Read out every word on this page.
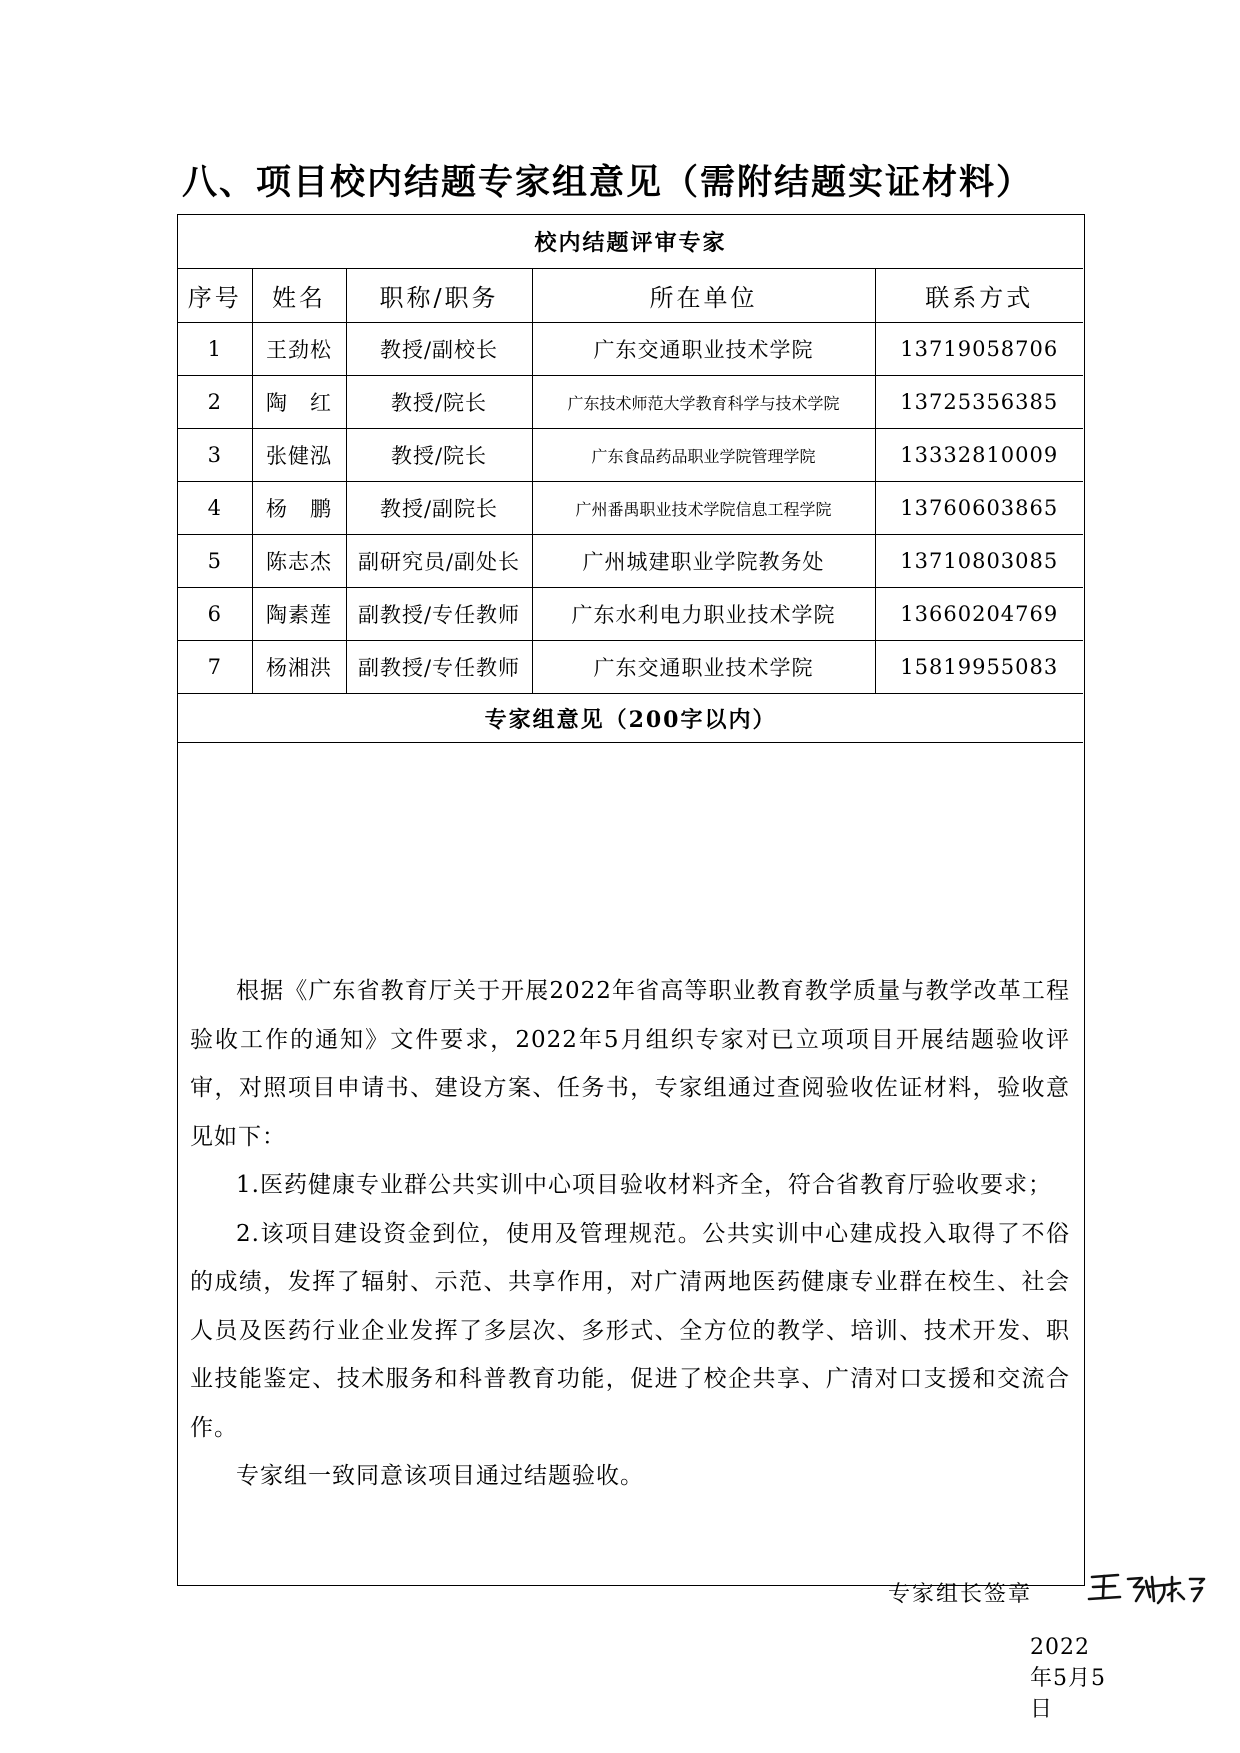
八、项目校内结题专家组意见（需附结题实证材料）
校内结题评审专家				
序号	姓名	职称/职务	所在单位	联系方式
1	王劲松	教授/副校长	广东交通职业技术学院	13719058706
2	陶　红	教授/院长	广东技术师范大学教育科学与技术学院	13725356385
3	张健泓	教授/院长	广东食品药品职业学院管理学院	13332810009
4	杨　鹏	教授/副院长	广州番禺职业技术学院信息工程学院	13760603865
5	陈志杰	副研究员/副处长	广州城建职业学院教务处	13710803085
6	陶素莲	副教授/专任教师	广东水利电力职业技术学院	13660204769
7	杨湘洪	副教授/专任教师	广东交通职业技术学院	15819955083
专家组意见（200字以内）				

根据《广东省教育厅关于开展2022年省高等职业教育教学质量与教学改革工程验收工作的通知》文件要求，2022年5月组织专家对已立项项目开展结题验收评审，对照项目申请书、建设方案、任务书，专家组通过查阅验收佐证材料，验收意见如下：

1.医药健康专业群公共实训中心项目验收材料齐全，符合省教育厅验收要求；

2.该项目建设资金到位，使用及管理规范。公共实训中心建成投入取得了不俗的成绩，发挥了辐射、示范、共享作用，对广清两地医药健康专业群在校生、社会人员及医药行业企业发挥了多层次、多形式、全方位的教学、培训、技术开发、职业技能鉴定、技术服务和科普教育功能，促进了校企共享、广清对口支援和交流合作。

专家组一致同意该项目通过结题验收。

专家组长签章
2022　年5月5日
